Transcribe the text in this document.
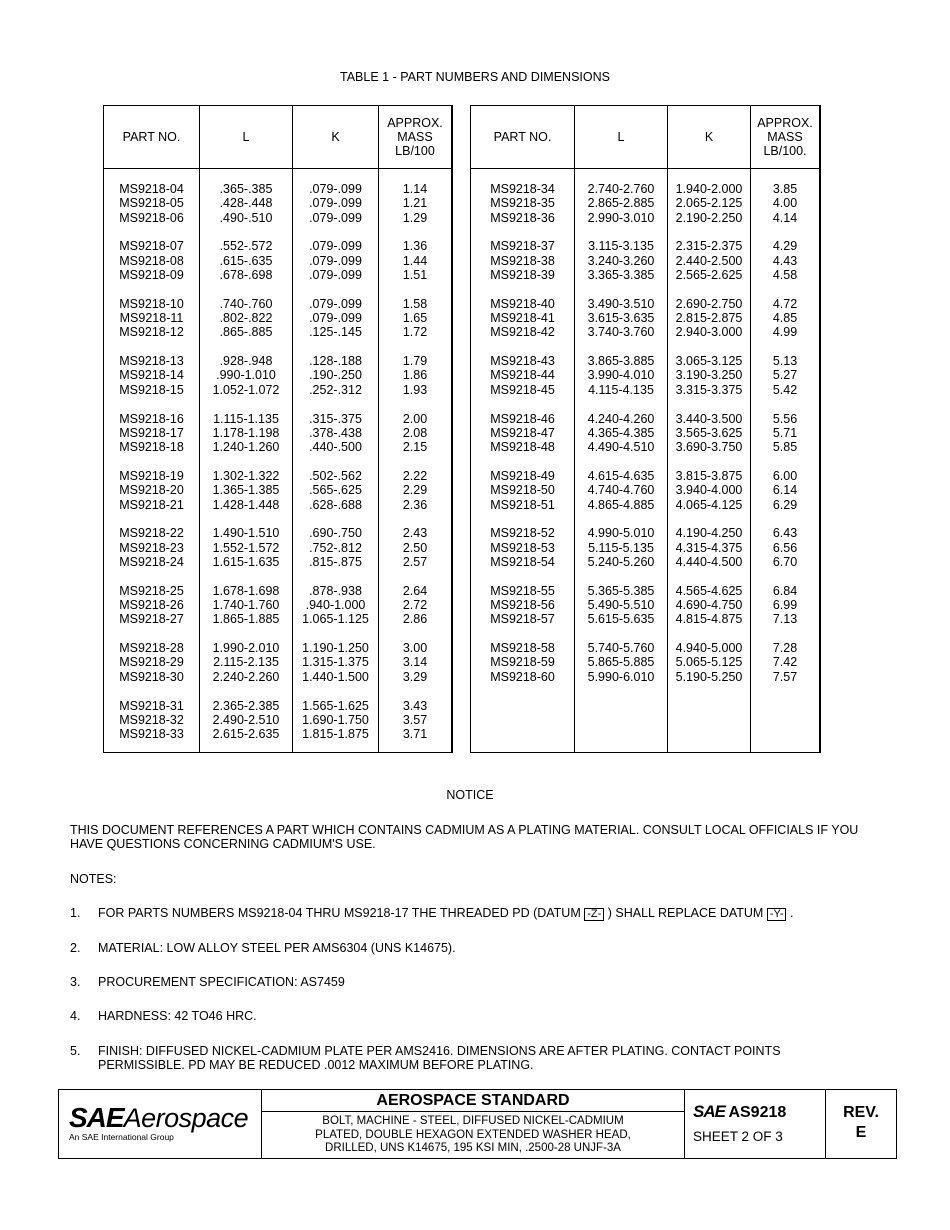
TABLE 1 - PART NUMBERS AND DIMENSIONS
PART NO.
MS9218-04
MS9218-05
MS9218-06
MS9218-07
MS9218-08
MS9218-09
MS9218-10
MS9218-11
MS9218-12
MS9218-13
MS9218-14
MS9218-15
MS9218-16
MS9218-17
MS9218-18
MS9218-19
MS9218-20
MS9218-21
MS9218-22
MS9218-23
MS9218-24
MS9218-25
MS9218-26
MS9218-27
MS9218-28
MS9218-29
MS9218-30
MS9218-31
MS9218-32
MS9218-33
L
.365-.385
.428-.448
.490-.510
.552-.572
.615-.635
.678-.698
.740-.760
.802-.822
.865-.885
.928-.948
.990-1.010
1.052-1.072
1.115-1.135
1.178-1.198
1.240-1.260
1.302-1.322
1.365-1.385
1.428-1.448
1.490-1.510
1.552-1.572
1.615-1.635
1.678-1.698
1.740-1.760
1.865-1.885
1.990-2.010
2.115-2.135
2.240-2.260
2.365-2.385
2.490-2.510
2.615-2.635
K
.079-.099
.079-.099
.079-.099
.079-.099
.079-.099
.079-.099
.079-.099
.079-.099
.125-.145
.128-.188
.190-.250
.252-.312
.315-.375
.378-.438
.440-.500
.502-.562
.565-.625
.628-.688
.690-.750
.752-.812
.815-.875
.878-.938
.940-1.000
1.065-1.125
1.190-1.250
1.315-1.375
1.440-1.500
1.565-1.625
1.690-1.750
1.815-1.875
APPROX.
MASS
LB/100
1.14
1.21
1.29
1.36
1.44
1.51
1.58
1.65
1.72
1.79
1.86
1.93
2.00
2.08
2.15
2.22
2.29
2.36
2.43
2.50
2.57
2.64
2.72
2.86
3.00
3.14
3.29
3.43
3.57
3.71
PART NO.
MS9218-34
MS9218-35
MS9218-36
MS9218-37
MS9218-38
MS9218-39
MS9218-40
MS9218-41
MS9218-42
MS9218-43
MS9218-44
MS9218-45
MS9218-46
MS9218-47
MS9218-48
MS9218-49
MS9218-50
MS9218-51
MS9218-52
MS9218-53
MS9218-54
MS9218-55
MS9218-56
MS9218-57
MS9218-58
MS9218-59
MS9218-60
L
2.740-2.760
2.865-2.885
2.990-3.010
3.115-3.135
3.240-3.260
3.365-3.385
3.490-3.510
3.615-3.635
3.740-3.760
3.865-3.885
3.990-4.010
4.115-4.135
4.240-4.260
4.365-4.385
4.490-4.510
4.615-4.635
4.740-4.760
4.865-4.885
4.990-5.010
5.115-5.135
5.240-5.260
5.365-5.385
5.490-5.510
5.615-5.635
5.740-5.760
5.865-5.885
5.990-6.010
K
1.940-2.000
2.065-2.125
2.190-2.250
2.315-2.375
2.440-2.500
2.565-2.625
2.690-2.750
2.815-2.875
2.940-3.000
3.065-3.125
3.190-3.250
3.315-3.375
3.440-3.500
3.565-3.625
3.690-3.750
3.815-3.875
3.940-4.000
4.065-4.125
4.190-4.250
4.315-4.375
4.440-4.500
4.565-4.625
4.690-4.750
4.815-4.875
4.940-5.000
5.065-5.125
5.190-5.250
APPROX.
MASS
LB/100.
3.85
4.00
4.14
4.29
4.43
4.58
4.72
4.85
4.99
5.13
5.27
5.42
5.56
5.71
5.85
6.00
6.14
6.29
6.43
6.56
6.70
6.84
6.99
7.13
7.28
7.42
7.57
NOTICE
THIS DOCUMENT REFERENCES A PART WHICH CONTAINS CADMIUM AS A PLATING MATERIAL. CONSULT LOCAL OFFICIALS IF YOU
HAVE QUESTIONS CONCERNING CADMIUM'S USE.
NOTES:
1. FOR PARTS NUMBERS MS9218-04 THRU MS9218-17 THE THREADED PD (DATUM -Z- ) SHALL REPLACE DATUM -Y- .
2. MATERIAL: LOW ALLOY STEEL PER AMS6304 (UNS K14675).
3. PROCUREMENT SPECIFICATION: AS7459
4. HARDNESS: 42 TO46 HRC.
5. FINISH: DIFFUSED NICKEL-CADMIUM PLATE PER AMS2416. DIMENSIONS ARE AFTER PLATING. CONTACT POINTS
PERMISSIBLE. PD MAY BE REDUCED .0012 MAXIMUM BEFORE PLATING.
SAEAerospace
An SAE International Group
AEROSPACE STANDARD
BOLT, MACHINE - STEEL, DIFFUSED NICKEL-CADMIUM
PLATED, DOUBLE HEXAGON EXTENDED WASHER HEAD,
DRILLED, UNS K14675, 195 KSI MIN, .2500-28 UNJF-3A
SAE AS9218
SHEET 2 OF 3
REV.
E
